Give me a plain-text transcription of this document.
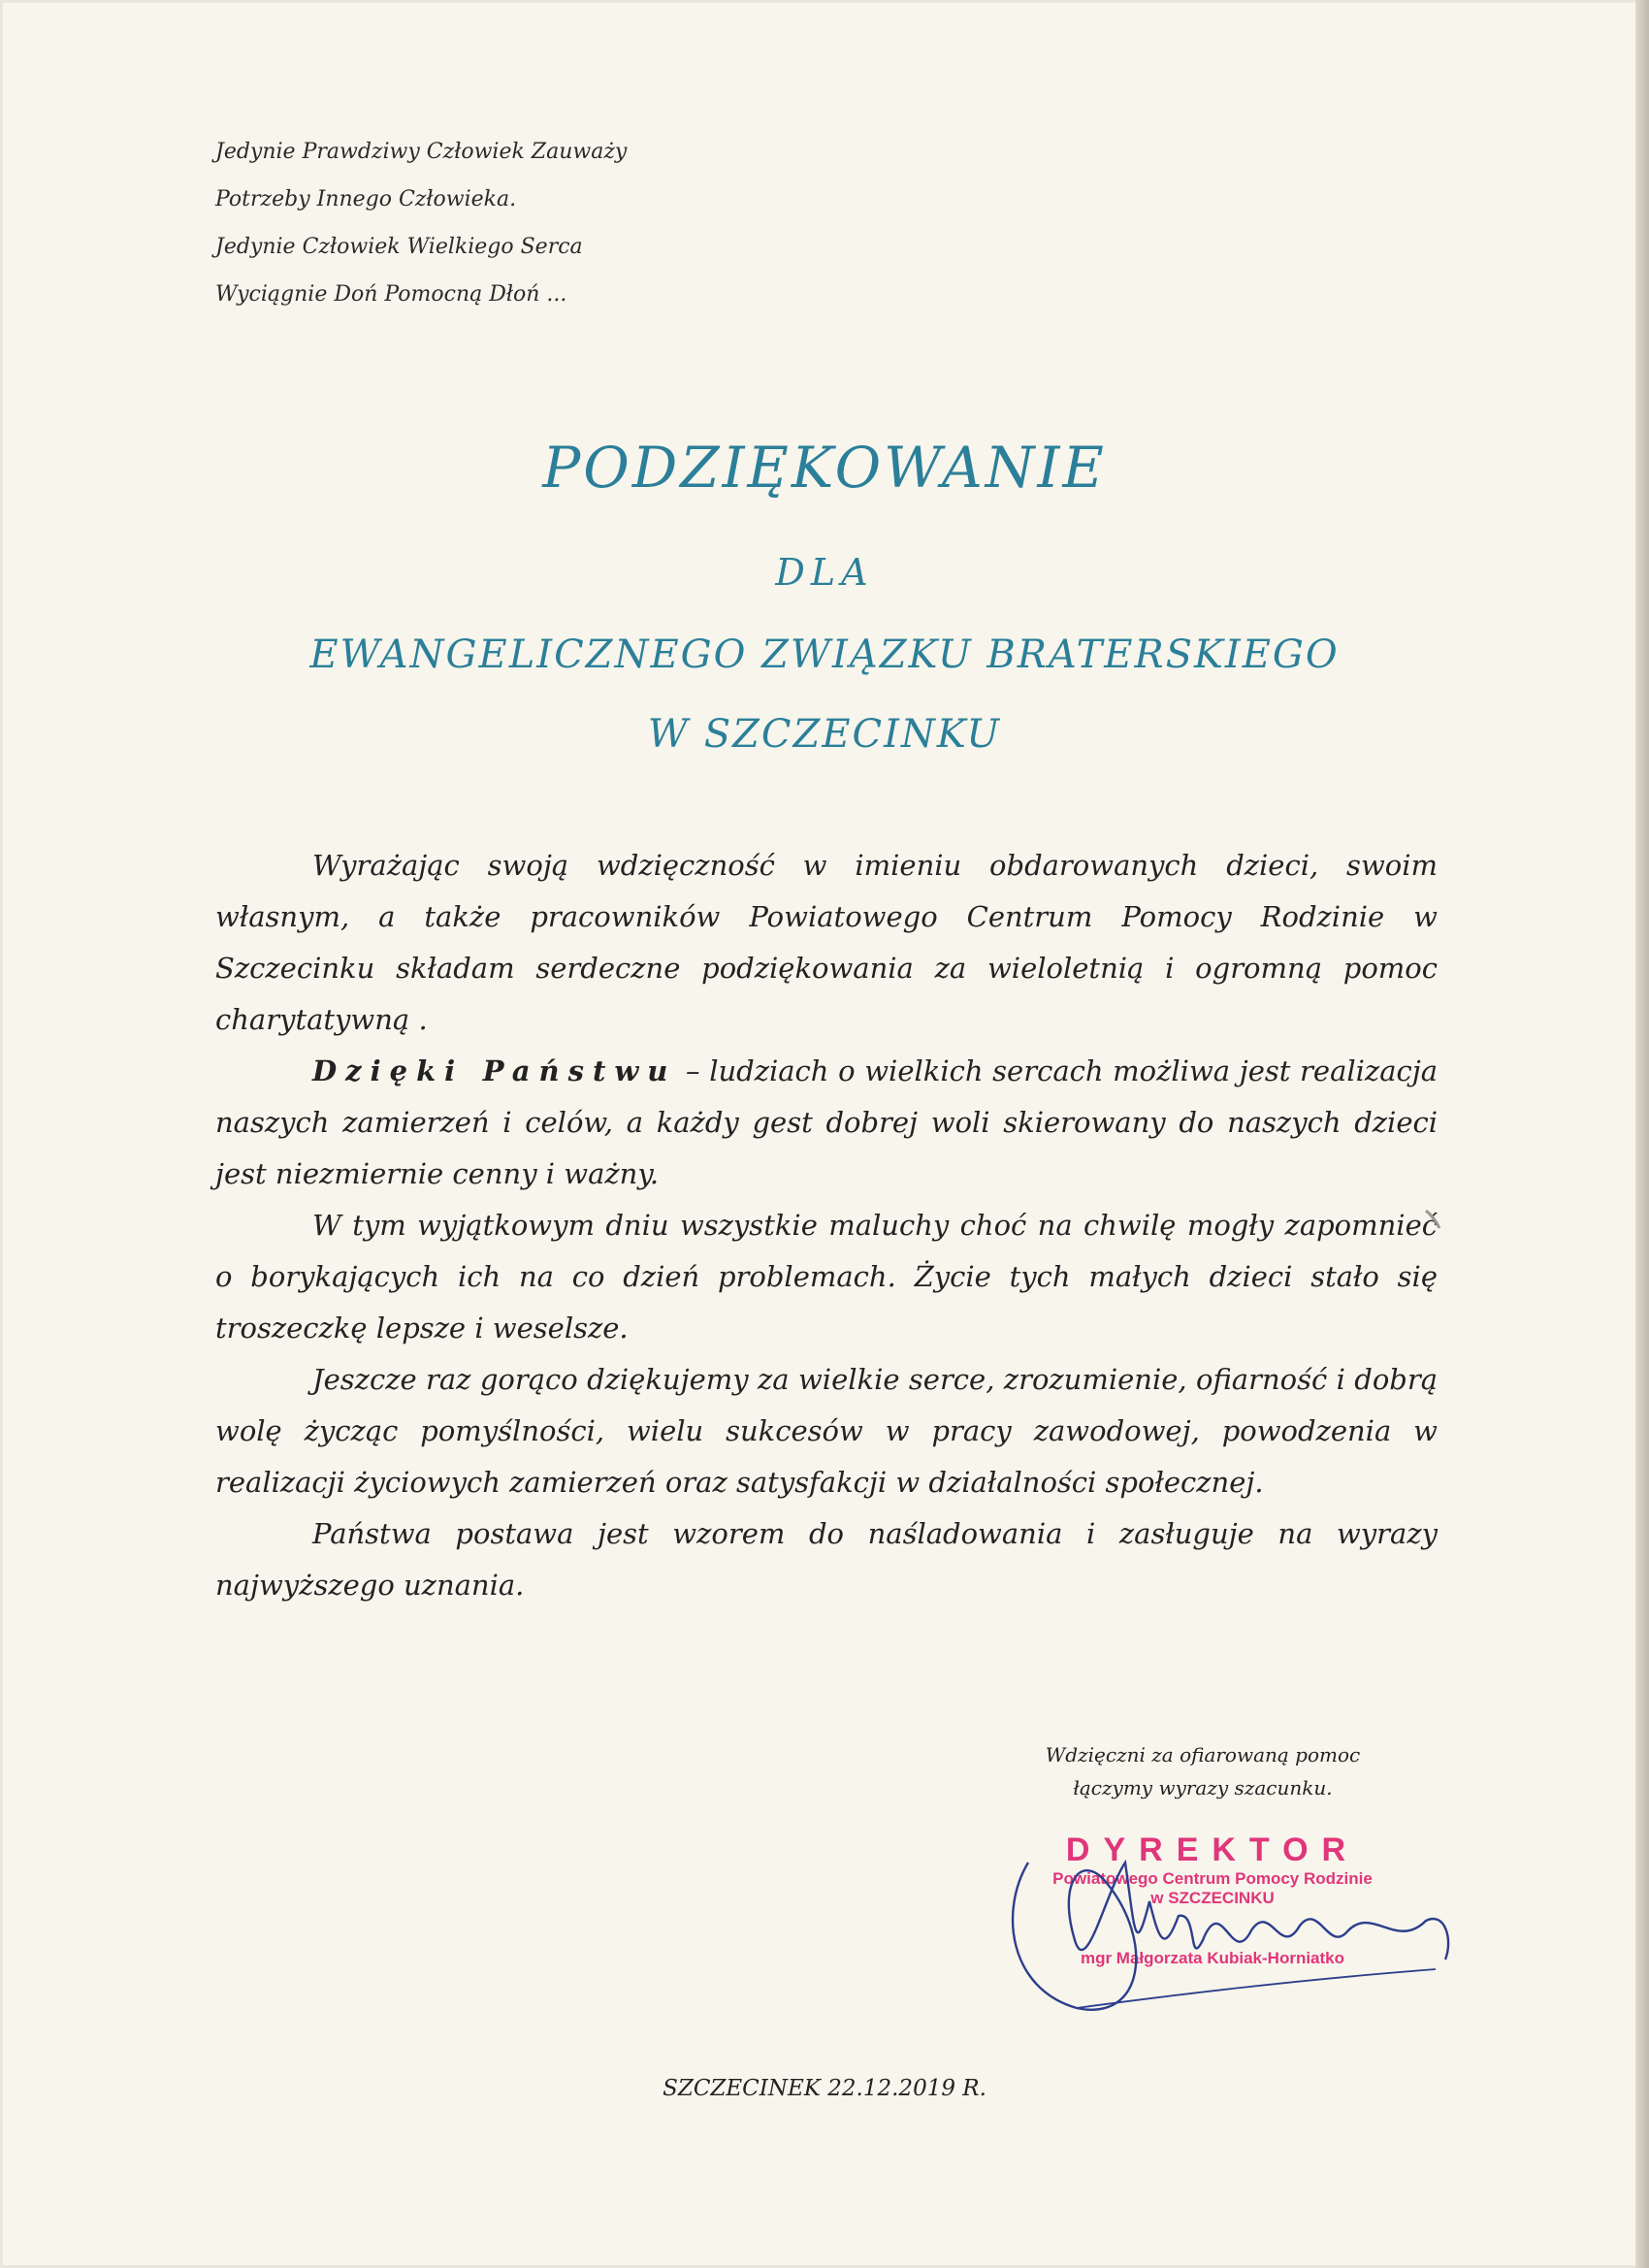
Jedynie Prawdziwy Człowiek Zauważy
Potrzeby Innego Człowieka.
Jedynie Człowiek Wielkiego Serca
Wyciągnie Doń Pomocną Dłoń ...
PODZIĘKOWANIE
DLA
EWANGELICZNEGO ZWIĄZKU BRATERSKIEGO
W SZCZECINKU

Wyrażając swoją wdzięczność w imieniu obdarowanych dzieci, swoim własnym, a także pracowników Powiatowego Centrum Pomocy Rodzinie w Szczecinku składam serdeczne podziękowania za wieloletnią i ogromną pomoc charytatywną .

Dzięki Państwu – ludziach o wielkich sercach możliwa jest realizacja naszych zamierzeń i celów, a każdy gest dobrej woli skierowany do naszych dzieci jest niezmiernie cenny i ważny.

W tym wyjątkowym dniu wszystkie maluchy choć na chwilę mogły zapomnieć o borykających ich na co dzień problemach. Życie tych małych dzieci stało się troszeczkę lepsze i weselsze.

Jeszcze raz gorąco dziękujemy za wielkie serce, zrozumienie, ofiarność i dobrą wolę życząc pomyślności, wielu sukcesów w pracy zawodowej, powodzenia w realizacji życiowych zamierzeń oraz satysfakcji w działalności społecznej.

Państwa postawa jest wzorem do naśladowania i zasługuje na wyrazy najwyższego uznania.

Wdzięczni za ofiarowaną pomoc
łączymy wyrazy szacunku.
DYREKTOR
Powiatowego Centrum Pomocy Rodzinie
w SZCZECINKU
mgr Małgorzata Kubiak-Horniatko
SZCZECINEK 22.12.2019 R.
